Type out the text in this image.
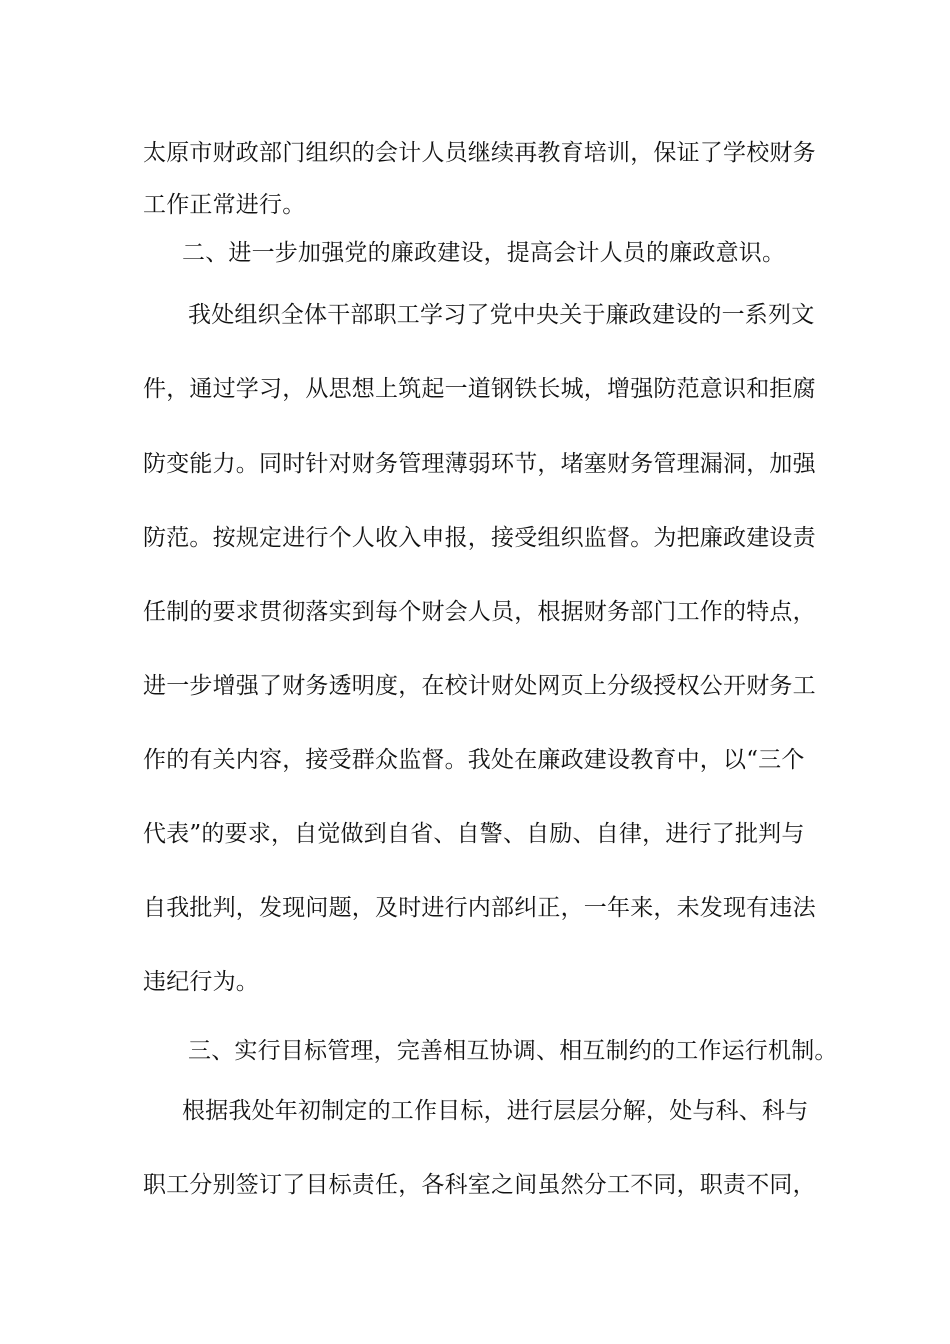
太原市财政部门组织的会计人员继续再教育培训，保证了学校财务
工作正常进行。
二、进一步加强党的廉政建设，提高会计人员的廉政意识。
我处组织全体干部职工学习了党中央关于廉政建设的一系列文
件，通过学习，从思想上筑起一道钢铁长城，增强防范意识和拒腐
防变能力。同时针对财务管理薄弱环节，堵塞财务管理漏洞，加强
防范。按规定进行个人收入申报，接受组织监督。为把廉政建设责
任制的要求贯彻落实到每个财会人员，根据财务部门工作的特点，
进一步增强了财务透明度，在校计财处网页上分级授权公开财务工
作的有关内容，接受群众监督。我处在廉政建设教育中，以“三个
代表”的要求，自觉做到自省、自警、自励、自律，进行了批判与
自我批判，发现问题，及时进行内部纠正，一年来，未发现有违法
违纪行为。
三、实行目标管理，完善相互协调、相互制约的工作运行机制。
根据我处年初制定的工作目标，进行层层分解，处与科、科与
职工分别签订了目标责任，各科室之间虽然分工不同，职责不同，
